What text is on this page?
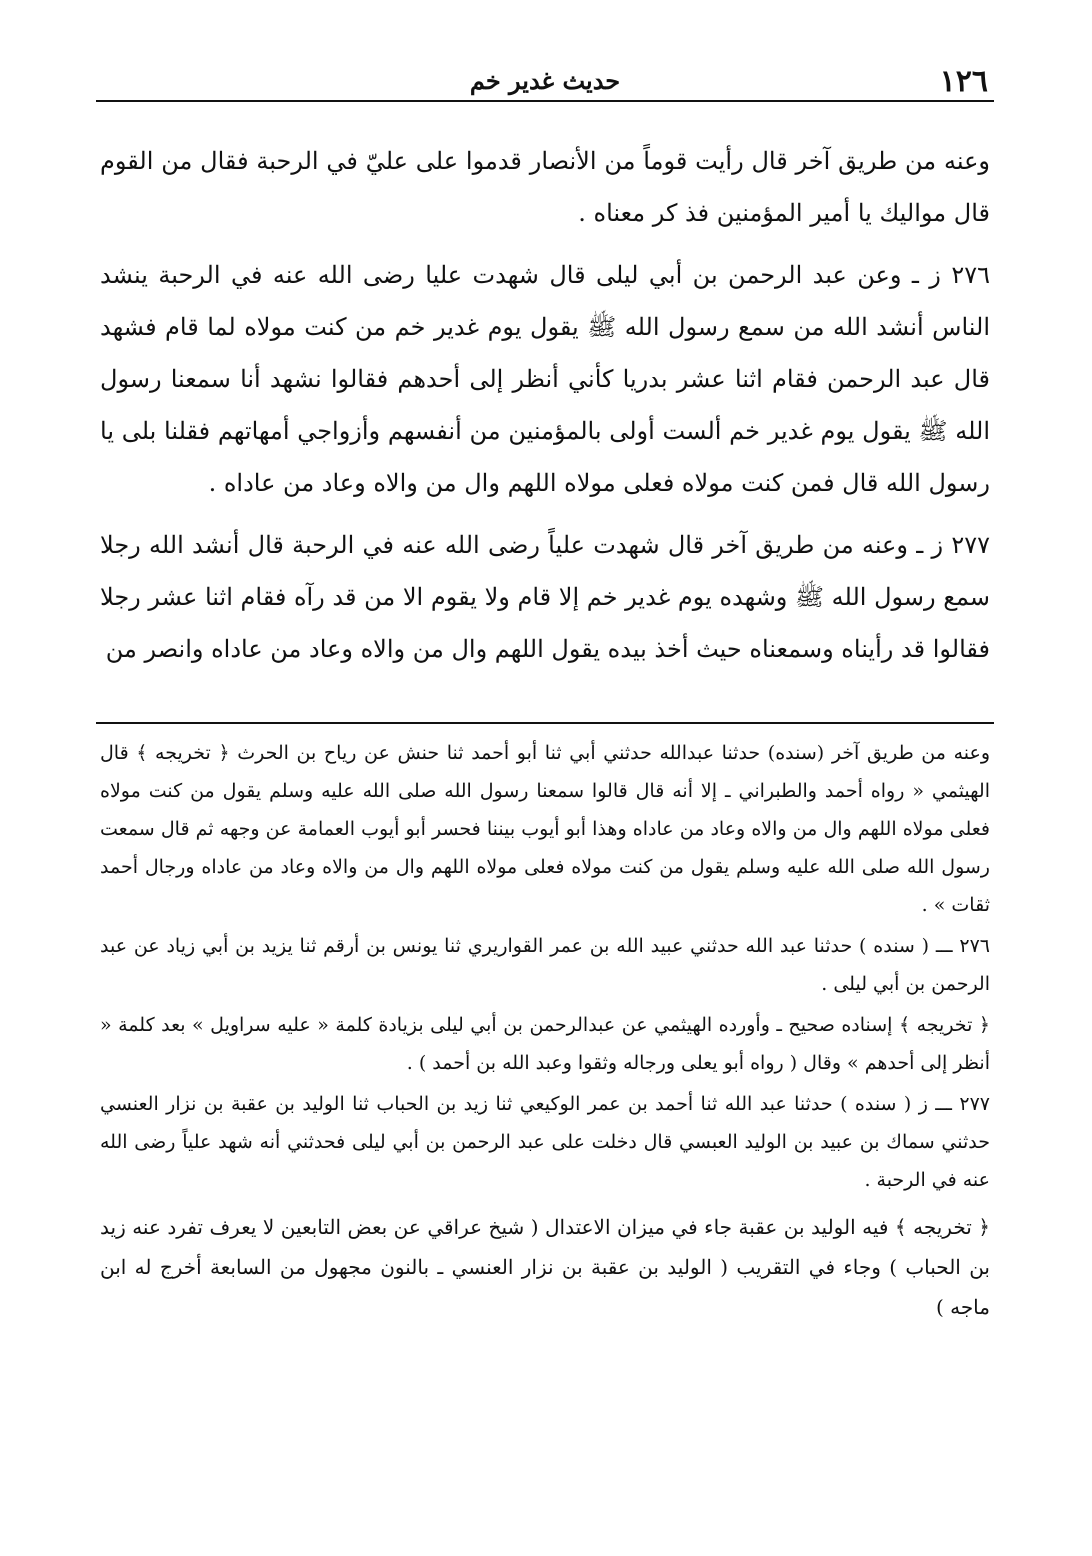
١٢٦
حديث غدير خم

وعنه من طريق آخر قال رأيت قوماً من الأنصار قدموا على عليّ في الرحبة فقال من القوم قال مواليك يا أمير المؤمنين فذ كر معناه .

٢٧٦ ز ـ وعن عبد الرحمن بن أبي ليلى قال شهدت عليا رضى الله عنه في الرحبة ينشد الناس أنشد الله من سمع رسول الله ﷺ يقول يوم غدير خم من كنت مولاه لما قام فشهد قال عبد الرحمن فقام اثنا عشر بدريا كأني أنظر إلى أحدهم فقالوا نشهد أنا سمعنا رسول الله ﷺ يقول يوم غدير خم ألست أولى بالمؤمنين من أنفسهم وأزواجي أمهاتهم فقلنا بلى يا رسول الله قال فمن كنت مولاه فعلى مولاه اللهم وال من والاه وعاد من عاداه .

٢٧٧ ز ـ وعنه من طريق آخر قال شهدت علياً رضى الله عنه في الرحبة قال أنشد الله رجلا سمع رسول الله ﷺ وشهده يوم غدير خم إلا قام ولا يقوم الا من قد رآه فقام اثنا عشر رجلا فقالوا قد رأيناه وسمعناه حيث أخذ بيده يقول اللهم وال من والاه وعاد من عاداه وانصر من

وعنه من طريق آخر (سنده) حدثنا عبدالله حدثني أبي ثنا أبو أحمد ثنا حنش عن رياح بن الحرث ﴿ تخريجه ﴾ قال الهيثمي « رواه أحمد والطبراني ـ إلا أنه قال قالوا سمعنا رسول الله صلى الله عليه وسلم يقول من كنت مولاه فعلى مولاه اللهم وال من والاه وعاد من عاداه وهذا أبو أيوب بيننا فحسر أبو أيوب العمامة عن وجهه ثم قال سمعت رسول الله صلى الله عليه وسلم يقول من كنت مولاه فعلى مولاه اللهم وال من والاه وعاد من عاداه ورجال أحمد ثقات » .

٢٧٦ ـــ ( سنده ) حدثنا عبد الله حدثني عبيد الله بن عمر القواريري ثنا يونس بن أرقم ثنا يزيد بن أبي زياد عن عبد الرحمن بن أبي ليلى .

﴿ تخريجه ﴾ إسناده صحيح ـ وأورده الهيثمي عن عبدالرحمن بن أبي ليلى بزيادة كلمة « عليه سراويل » بعد كلمة « أنظر إلى أحدهم » وقال ( رواه أبو يعلى ورجاله وثقوا وعبد الله بن أحمد ) .

٢٧٧ ـــ ز ( سنده ) حدثنا عبد الله ثنا أحمد بن عمر الوكيعي ثنا زيد بن الحباب ثنا الوليد بن عقبة بن نزار العنسي حدثني سماك بن عبيد بن الوليد العبسي قال دخلت على عبد الرحمن بن أبي ليلى فحدثني أنه شهد علياً رضى الله عنه في الرحبة .

﴿ تخريجه ﴾ فيه الوليد بن عقبة جاء في ميزان الاعتدال ( شيخ عراقي عن بعض التابعين لا يعرف تفرد عنه زيد بن الحباب ) وجاء في التقريب ( الوليد بن عقبة بن نزار العنسي ـ بالنون مجهول من السابعة أخرج له ابن ماجه )
